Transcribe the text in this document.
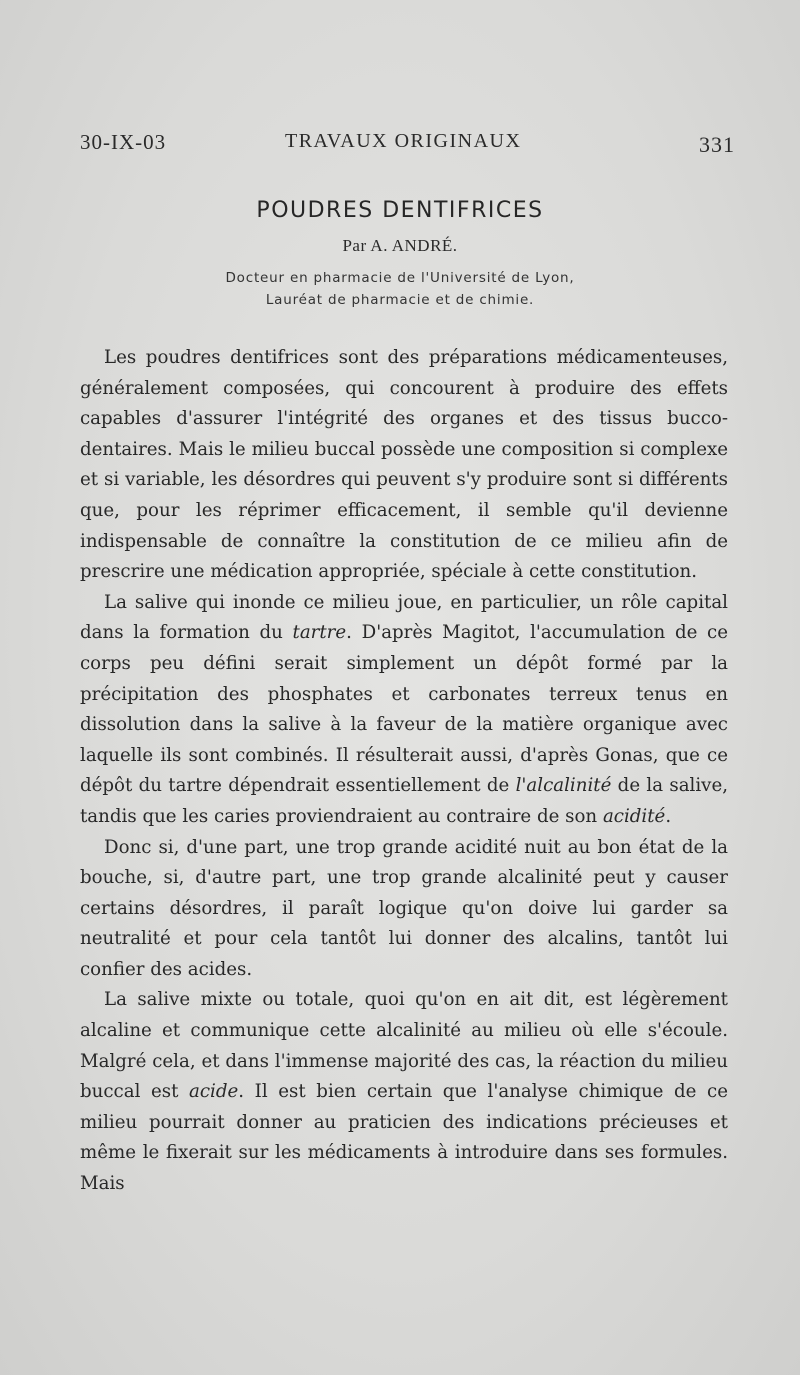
30-IX-03	TRAVAUX ORIGINAUX	331
POUDRES DENTIFRICES
Par A. ANDRÉ.
Docteur en pharmacie de l'Université de Lyon,
Lauréat de pharmacie et de chimie.

Les poudres dentifrices sont des préparations médicamenteuses, généralement composées, qui concourent à produire des effets capables d'assurer l'intégrité des organes et des tissus bucco-dentaires. Mais le milieu buccal possède une composition si complexe et si variable, les désordres qui peuvent s'y produire sont si différents que, pour les réprimer efficacement, il semble qu'il devienne indispensable de connaître la constitution de ce milieu afin de prescrire une médication appropriée, spéciale à cette constitution.

La salive qui inonde ce milieu joue, en particulier, un rôle capital dans la formation du tartre. D'après Magitot, l'accumulation de ce corps peu défini serait simplement un dépôt formé par la précipitation des phosphates et carbonates terreux tenus en dissolution dans la salive à la faveur de la matière organique avec laquelle ils sont combinés. Il résulterait aussi, d'après Gonas, que ce dépôt du tartre dépendrait essentiellement de l'alcalinité de la salive, tandis que les caries proviendraient au contraire de son acidité.

Donc si, d'une part, une trop grande acidité nuit au bon état de la bouche, si, d'autre part, une trop grande alcalinité peut y causer certains désordres, il paraît logique qu'on doive lui garder sa neutralité et pour cela tantôt lui donner des alcalins, tantôt lui confier des acides.

La salive mixte ou totale, quoi qu'on en ait dit, est légèrement alcaline et communique cette alcalinité au milieu où elle s'écoule. Malgré cela, et dans l'immense majorité des cas, la réaction du milieu buccal est acide. Il est bien certain que l'analyse chimique de ce milieu pourrait donner au praticien des indications précieuses et même le fixerait sur les médicaments à introduire dans ses formules. Mais
